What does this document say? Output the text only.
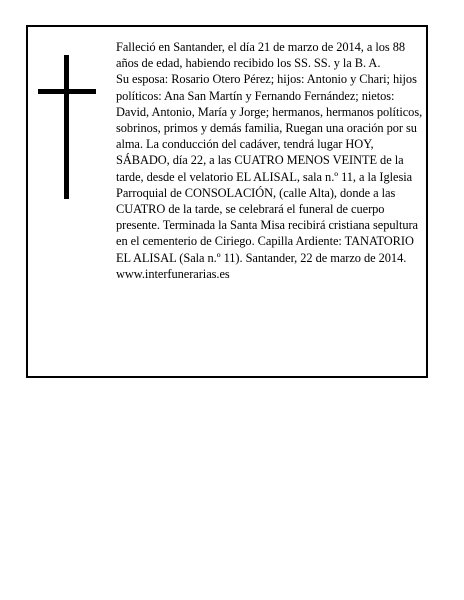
Falleció en Santander, el día 21 de marzo de 2014, a los 88 años de edad, habiendo recibido los SS. SS. y la B. A.

Su esposa: Rosario Otero Pérez; hijos: Antonio y Chari; hijos políticos: Ana San Martín y Fernando Fernández; nietos: David, Antonio, María y Jorge; hermanos, hermanos políticos, sobrinos, primos y demás familia, Ruegan una oración por su alma. La conducción del cadáver, tendrá lugar HOY, SÁBADO, día 22, a las CUATRO MENOS VEINTE de la tarde, desde el velatorio EL ALISAL, sala n.º 11, a la Iglesia Parroquial de CONSOLACIÓN, (calle Alta), donde a las CUATRO de la tarde, se celebrará el funeral de cuerpo presente. Terminada la Santa Misa recibirá cristiana sepultura en el cementerio de Ciriego. Capilla Ardiente: TANATORIO EL ALISAL (Sala n.º 11). Santander, 22 de marzo de 2014. www.interfunerarias.es
